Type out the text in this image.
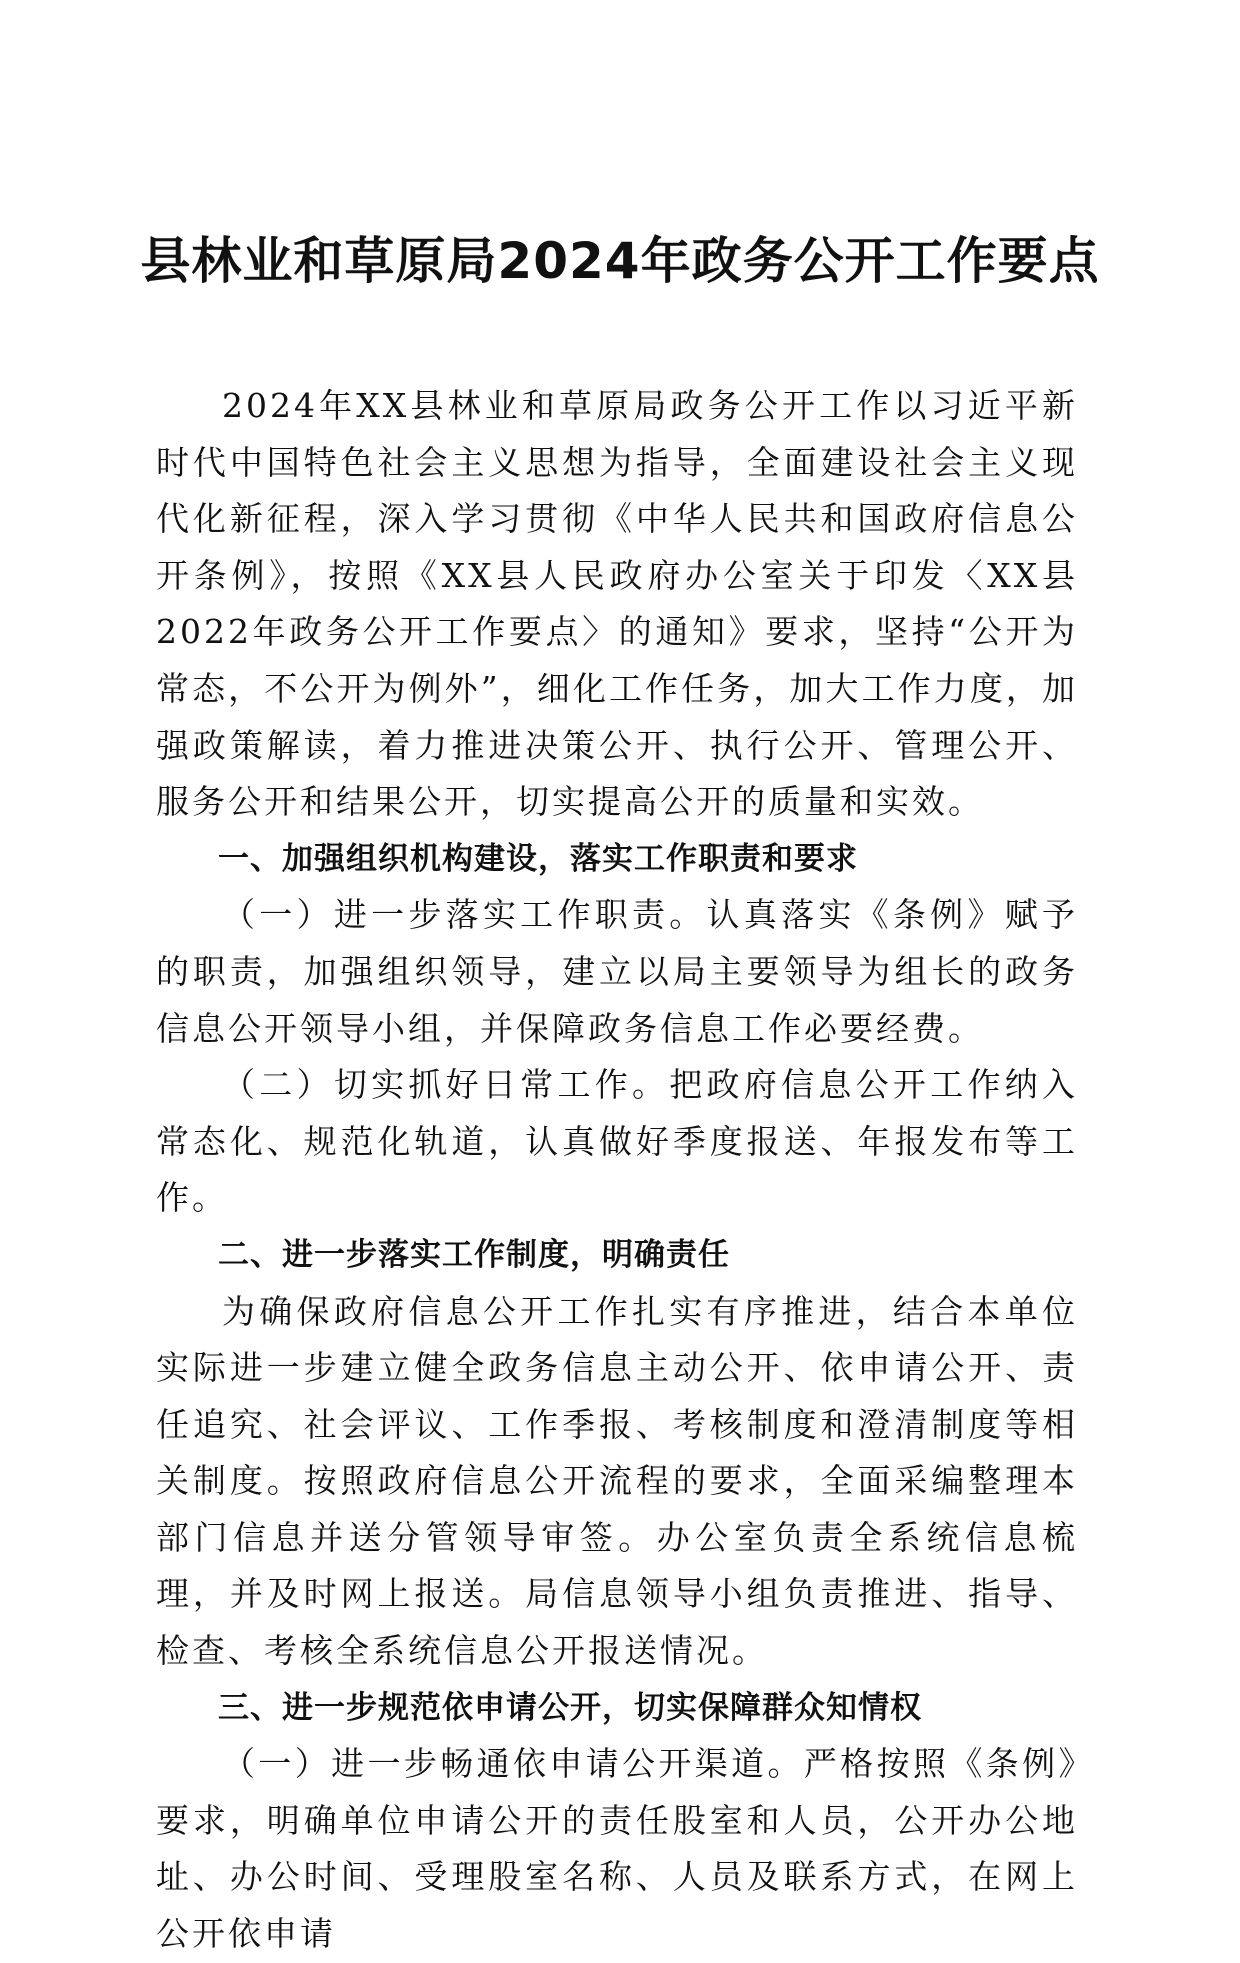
县林业和草原局2024年政务公开工作要点

2024年XX县林业和草原局政务公开工作以习近平新时代中国特色社会主义思想为指导，全面建设社会主义现代化新征程，深入学习贯彻《中华人民共和国政府信息公开条例》，按照《XX县人民政府办公室关于印发〈XX县2022年政务公开工作要点〉的通知》要求，坚持“公开为常态，不公开为例外”，细化工作任务，加大工作力度，加强政策解读，着力推进决策公开、执行公开、管理公开、服务公开和结果公开，切实提高公开的质量和实效。

一、加强组织机构建设，落实工作职责和要求

（一）进一步落实工作职责。认真落实《条例》赋予的职责，加强组织领导，建立以局主要领导为组长的政务信息公开领导小组，并保障政务信息工作必要经费。

（二）切实抓好日常工作。把政府信息公开工作纳入常态化、规范化轨道，认真做好季度报送、年报发布等工作。

二、进一步落实工作制度，明确责任

为确保政府信息公开工作扎实有序推进，结合本单位实际进一步建立健全政务信息主动公开、依申请公开、责任追究、社会评议、工作季报、考核制度和澄清制度等相关制度。按照政府信息公开流程的要求，全面采编整理本部门信息并送分管领导审签。办公室负责全系统信息梳理，并及时网上报送。局信息领导小组负责推进、指导、检查、考核全系统信息公开报送情况。

三、进一步规范依申请公开，切实保障群众知情权

（一）进一步畅通依申请公开渠道。严格按照《条例》要求，明确单位申请公开的责任股室和人员，公开办公地址、办公时间、受理股室名称、人员及联系方式，在网上公开依申请
